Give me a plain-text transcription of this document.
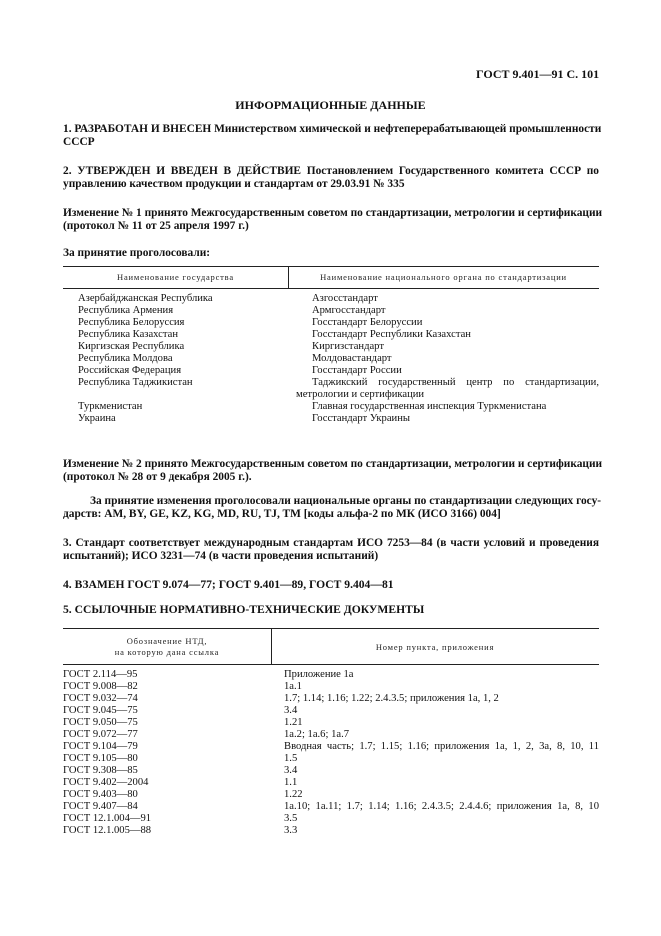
ГОСТ 9.401—91 С. 101
ИНФОРМАЦИОННЫЕ ДАННЫЕ
1. РАЗРАБОТАН И ВНЕСЕН Министерством химической и нефтеперерабатывающей промышленности
СССР
2. УТВЕРЖДЕН И ВВЕДЕН В ДЕЙСТВИЕ Постановлением Государственного комитета СССР по
управлению качеством продукции и стандартам от 29.03.91 № 335
Изменение № 1 принято Межгосударственным советом по стандартизации, метрологии и сертификации
(протокол № 11 от 25 апреля 1997 г.)
За принятие проголосовали:
Наименование государства	Наименование национального органа по стандартизации
Азербайджанская Республика	Азгосстандарт
Республика Армения	Армгосстандарт
Республика Белоруссия	Госстандарт Белоруссии
Республика Казахстан	Госстандарт Республики Казахстан
Киргизская Республика	Киргизстандарт
Республика Молдова	Молдовастандарт
Российская Федерация	Госстандарт России
Республика Таджикистан	Таджикский государственный центр по стандартизации,
метрологии и сертификации
Туркменистан	Главная государственная инспекция Туркменистана
Украина	Госстандарт Украины
Изменение № 2 принято Межгосударственным советом по стандартизации, метрологии и сертификации
(протокол № 28 от 9 декабря 2005 г.).
За принятие изменения проголосовали национальные органы по стандартизации следующих госу-
дарств: AM, BY, GE, KZ, KG, MD, RU, TJ, TM [коды альфа-2 по МК (ИСО 3166) 004]
3. Стандарт соответствует международным стандартам ИСО 7253—84 (в части условий и проведения
испытаний); ИСО 3231—74 (в части проведения испытаний)
4. ВЗАМЕН ГОСТ 9.074—77; ГОСТ 9.401—89, ГОСТ 9.404—81
5. ССЫЛОЧНЫЕ НОРМАТИВНО-ТЕХНИЧЕСКИЕ ДОКУМЕНТЫ
Обозначение НТД,
на которую дана ссылка	Номер пункта, приложения
ГОСТ 2.114—95	Приложение 1а
ГОСТ 9.008—82	1а.1
ГОСТ 9.032—74	1.7; 1.14; 1.16; 1.22; 2.4.3.5; приложения 1а, 1, 2
ГОСТ 9.045—75	3.4
ГОСТ 9.050—75	1.21
ГОСТ 9.072—77	1а.2; 1а.6; 1а.7
ГОСТ 9.104—79	Вводная часть; 1.7; 1.15; 1.16; приложения 1а, 1, 2, 3а, 8, 10, 11
ГОСТ 9.105—80	1.5
ГОСТ 9.308—85	3.4
ГОСТ 9.402—2004	1.1
ГОСТ 9.403—80	1.22
ГОСТ 9.407—84	1а.10; 1а.11; 1.7; 1.14; 1.16; 2.4.3.5; 2.4.4.6; приложения 1а, 8, 10
ГОСТ 12.1.004—91	3.5
ГОСТ 12.1.005—88	3.3
